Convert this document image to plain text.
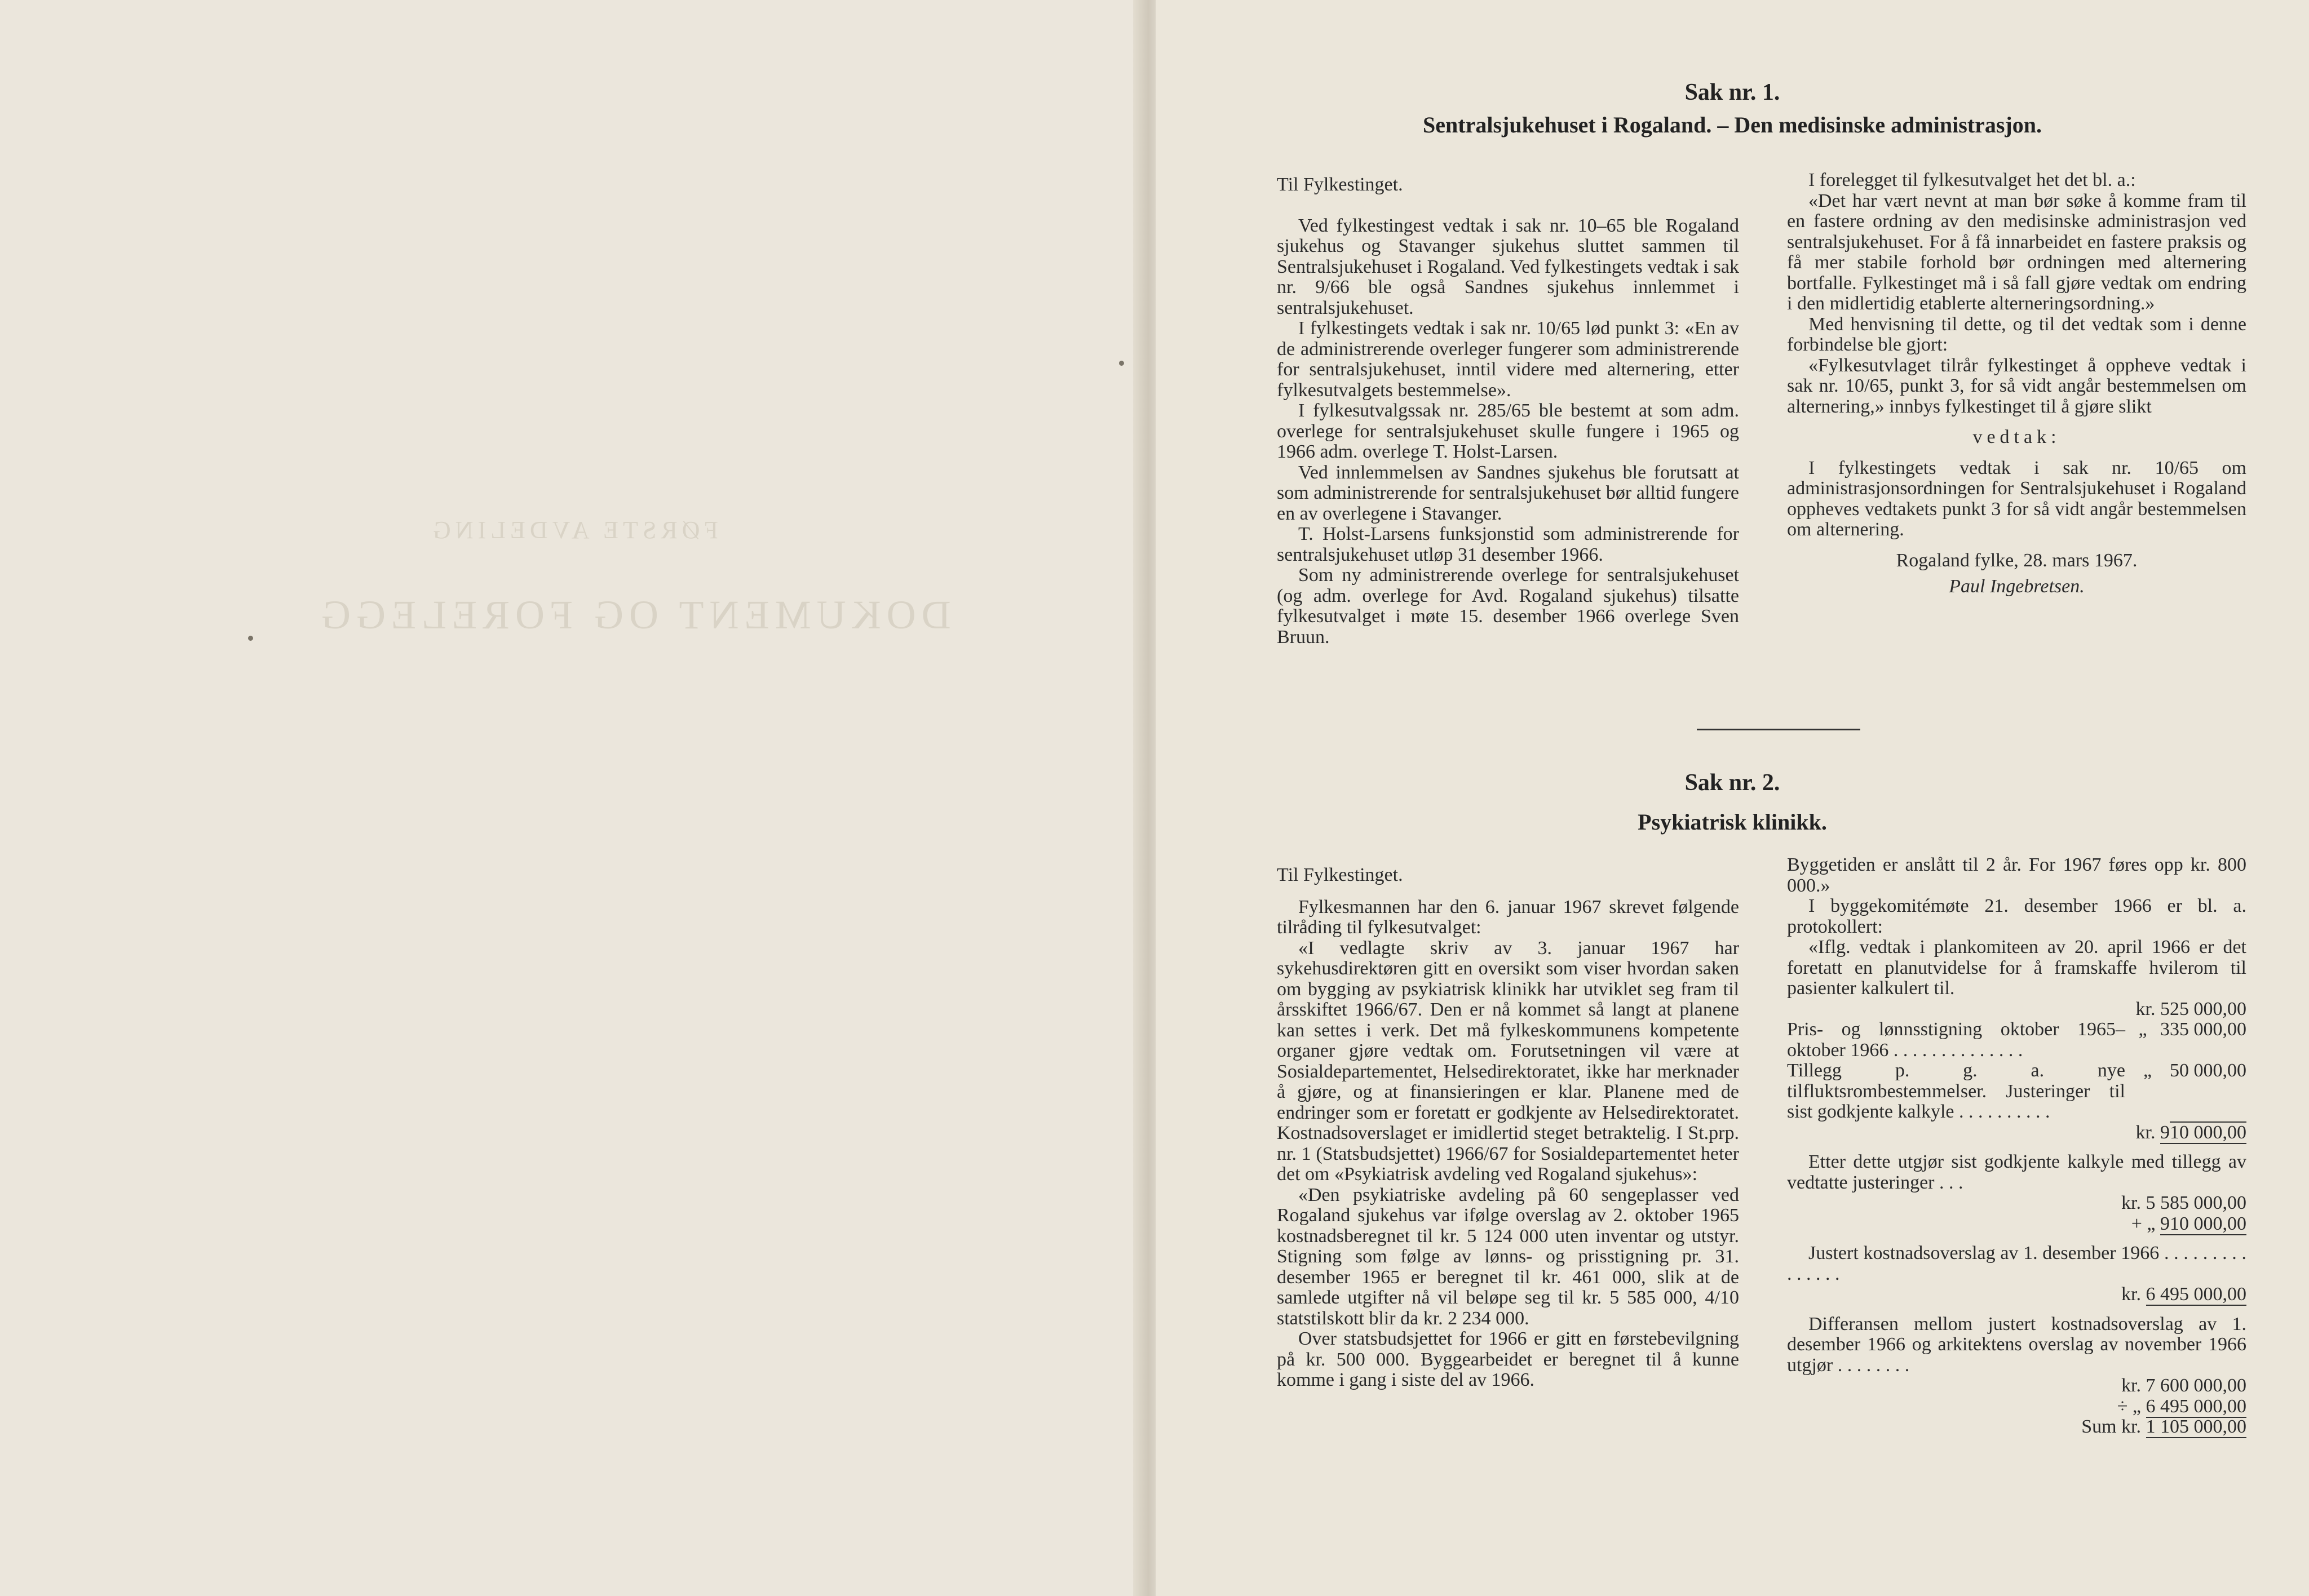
FØRSTE AVDELING
DOKUMENT OG FORELEGG
Sak nr. 1.
Sentralsjukehuset i Rogaland. – Den medisinske administrasjon.

Til Fylkestinget.

Ved fylkestingest vedtak i sak nr. 10–65 ble Rogaland sjukehus og Stavanger sjukehus sluttet sammen til Sentralsjukehuset i Rogaland. Ved fylkestingets vedtak i sak nr. 9/66 ble også Sandnes sjukehus innlemmet i sentralsjukehuset.

I fylkestingets vedtak i sak nr. 10/65 lød punkt 3: «En av de administrerende overleger fungerer som administrerende for sentralsjukehuset, inntil videre med alternering, etter fylkesutvalgets bestemmelse».

I fylkesutvalgssak nr. 285/65 ble bestemt at som adm. overlege for sentralsjukehuset skulle fungere i 1965 og 1966 adm. overlege T. Holst-Larsen.

Ved innlemmelsen av Sandnes sjukehus ble forutsatt at som administrerende for sentralsjukehuset bør alltid fungere en av overlegene i Stavanger.

T. Holst-Larsens funksjonstid som administrerende for sentralsjukehuset utløp 31 desember 1966.

Som ny administrerende overlege for sentralsjukehuset (og adm. overlege for Avd. Rogaland sjukehus) tilsatte fylkesutvalget i møte 15. desember 1966 overlege Sven Bruun.

I forelegget til fylkesutvalget het det bl. a.:

«Det har vært nevnt at man bør søke å komme fram til en fastere ordning av den medisinske administrasjon ved sentralsjukehuset. For å få innarbeidet en fastere praksis og få mer stabile forhold bør ordningen med alternering bortfalle. Fylkestinget må i så fall gjøre vedtak om endring i den midlertidig etablerte alterneringsordning.»

Med henvisning til dette, og til det vedtak som i denne forbindelse ble gjort:

«Fylkesutvlaget tilrår fylkestinget å oppheve vedtak i sak nr. 10/65, punkt 3, for så vidt angår bestemmelsen om alternering,» innbys fylkestinget til å gjøre slikt

vedtak:

I fylkestingets vedtak i sak nr. 10/65 om administrasjonsordningen for Sentralsjukehuset i Rogaland oppheves vedtakets punkt 3 for så vidt angår bestemmelsen om alternering.

Rogaland fylke, 28. mars 1967.

Paul Ingebretsen.

Sak nr. 2.
Psykiatrisk klinikk.

Til Fylkestinget.

Fylkesmannen har den 6. januar 1967 skrevet følgende tilråding til fylkesutvalget:

«I vedlagte skriv av 3. januar 1967 har sykehusdirektøren gitt en oversikt som viser hvordan saken om bygging av psykiatrisk klinikk har utviklet seg fram til årsskiftet 1966/67. Den er nå kommet så langt at planene kan settes i verk. Det må fylkeskommunens kompetente organer gjøre vedtak om. Forutsetningen vil være at Sosialdepartementet, Helsedirektoratet, ikke har merknader å gjøre, og at finansieringen er klar. Planene med de endringer som er foretatt er godkjente av Helsedirektoratet. Kostnadsoverslaget er imidlertid steget betraktelig. I St.prp. nr. 1 (Statsbudsjettet) 1966/67 for Sosialdepartementet heter det om «Psykiatrisk avdeling ved Rogaland sjukehus»:

«Den psykiatriske avdeling på 60 sengeplasser ved Rogaland sjukehus var ifølge overslag av 2. oktober 1965 kostnadsberegnet til kr. 5 124 000 uten inventar og utstyr. Stigning som følge av lønns- og prisstigning pr. 31. desember 1965 er beregnet til kr. 461 000, slik at de samlede utgifter nå vil beløpe seg til kr. 5 585 000, 4/10 statstilskott blir da kr. 2 234 000.

Over statsbudsjettet for 1966 er gitt en førstebevilgning på kr. 500 000. Byggearbeidet er beregnet til å kunne komme i gang i siste del av 1966.

Byggetiden er anslått til 2 år. For 1967 føres opp kr. 800 000.»

I byggekomitémøte 21. desember 1966 er bl. a. protokollert:

«Iflg. vedtak i plankomiteen av 20. april 1966 er det foretatt en planutvidelse for å framskaffe hvilerom til pasienter kalkulert til.

kr. 525 000,00

Pris- og lønnsstigning oktober 1965– oktober 1966 . . . . . . . . . . . . . .
„ 335 000,00
Tillegg p. g. a. nye tilfluktsrombestemmelser. Justeringer til sist godkjente kalkyle . . . . . . . . . .
„ 50 000,00

kr. 910 000,00

Etter dette utgjør sist godkjente kalkyle med tillegg av vedtatte justeringer . . .

kr. 5 585 000,00

+ „ 910 000,00

Justert kostnadsoverslag av 1. desember 1966 . . . . . . . . . . . . . . .

kr. 6 495 000,00

Differansen mellom justert kostnadsoverslag av 1. desember 1966 og arkitektens overslag av november 1966 utgjør . . . . . . . .

kr. 7 600 000,00

÷ „ 6 495 000,00

Sum kr. 1 105 000,00
